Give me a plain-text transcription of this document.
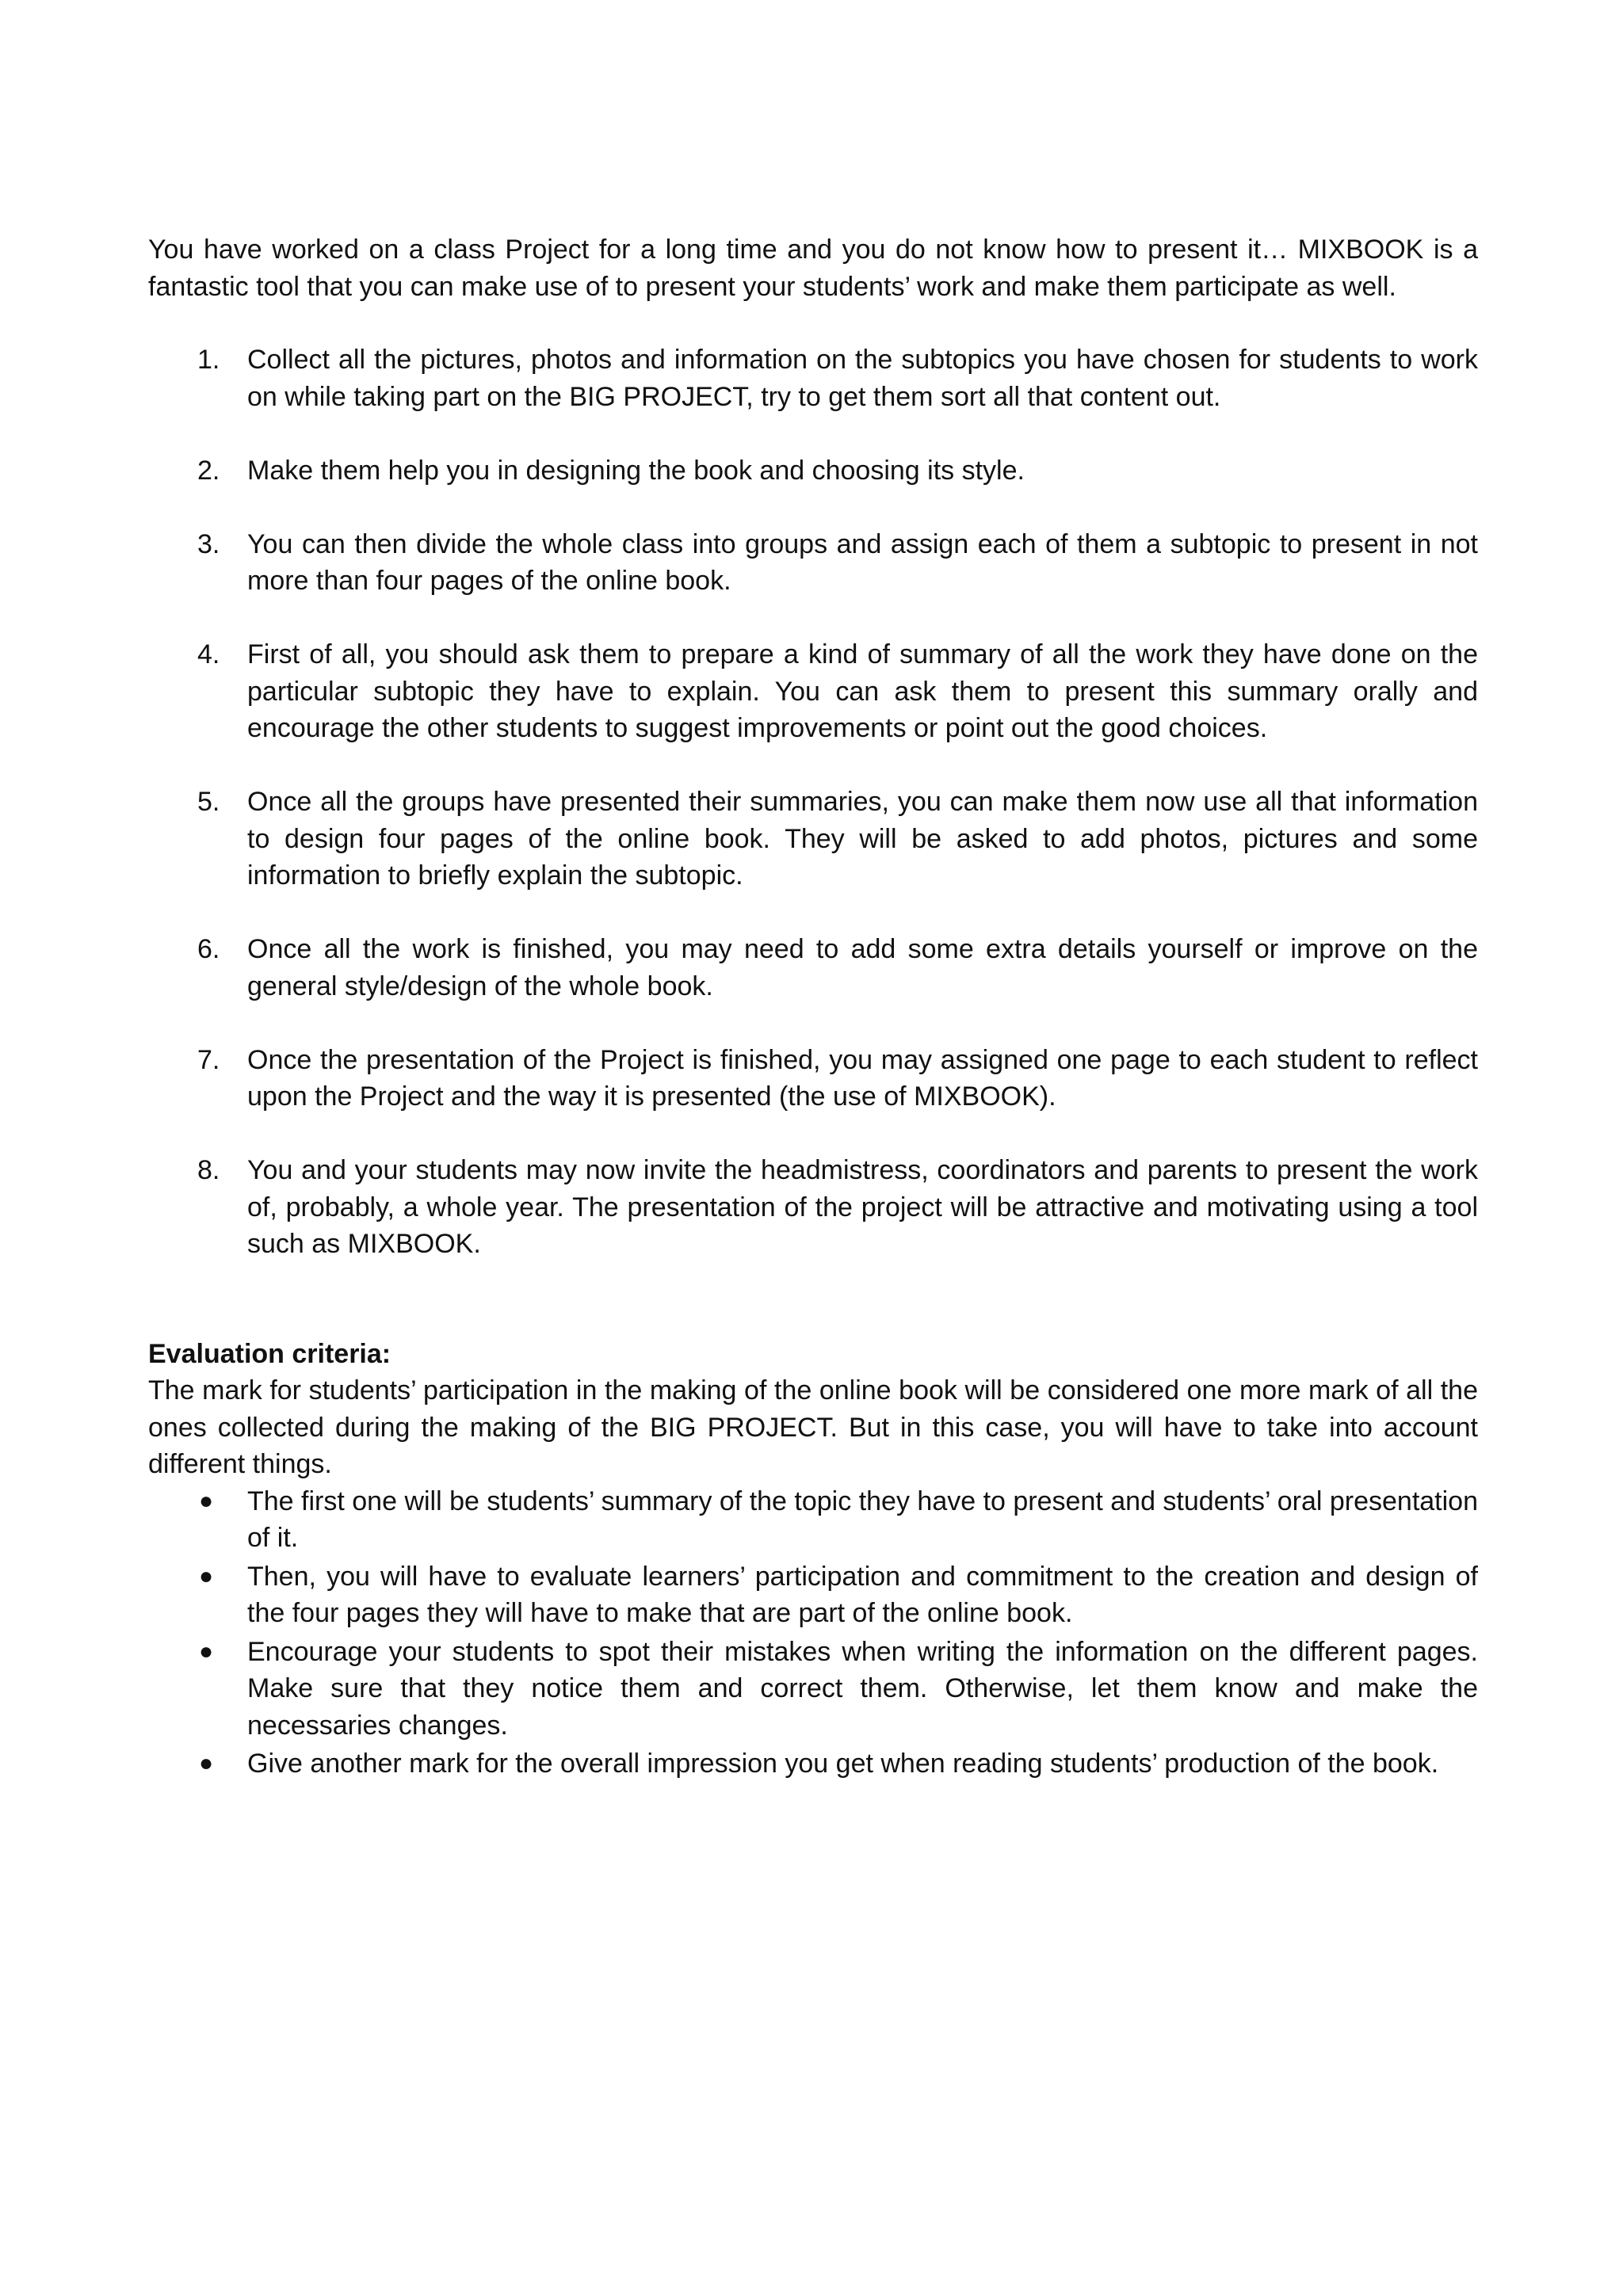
You have worked on a class Project for a long time and you do not know how to present it… MIXBOOK is a fantastic tool that you can make use of to present your students’ work and make them participate as well.

1. Collect all the pictures, photos and information on the subtopics you have chosen for students to work on while taking part on the BIG PROJECT, try to get them sort all that content out.
2. Make them help you in designing the book and choosing its style.
3. You can then divide the whole class into groups and assign each of them a subtopic to present in not more than four pages of the online book.
4. First of all, you should ask them to prepare a kind of summary of all the work they have done on the particular subtopic they have to explain. You can ask them to present this summary orally and encourage the other students to suggest improvements or point out the good choices.
5. Once all the groups have presented their summaries, you can make them now use all that information to design four pages of the online book. They will be asked to add photos, pictures and some information to briefly explain the subtopic.
6. Once all the work is finished, you may need to add some extra details yourself or improve on the general style/design of the whole book.
7. Once the presentation of the Project is finished, you may assigned one page to each student to reflect upon the Project and the way it is presented (the use of MIXBOOK).
8. You and your students may now invite the headmistress, coordinators and parents to present the work of, probably, a whole year. The presentation of the project will be attractive and motivating using a tool such as MIXBOOK.

Evaluation criteria:

The mark for students’ participation in the making of the online book will be considered one more mark of all the ones collected during the making of the BIG PROJECT. But in this case, you will have to take into account different things.

● The first one will be students’ summary of the topic they have to present and students’ oral presentation of it.
● Then, you will have to evaluate learners’ participation and commitment to the creation and design of the four pages they will have to make that are part of the online book.
● Encourage your students to spot their mistakes when writing the information on the different pages. Make sure that they notice them and correct them. Otherwise, let them know and make the necessaries changes.
● Give another mark for the overall impression you get when reading students’ production of the book.
